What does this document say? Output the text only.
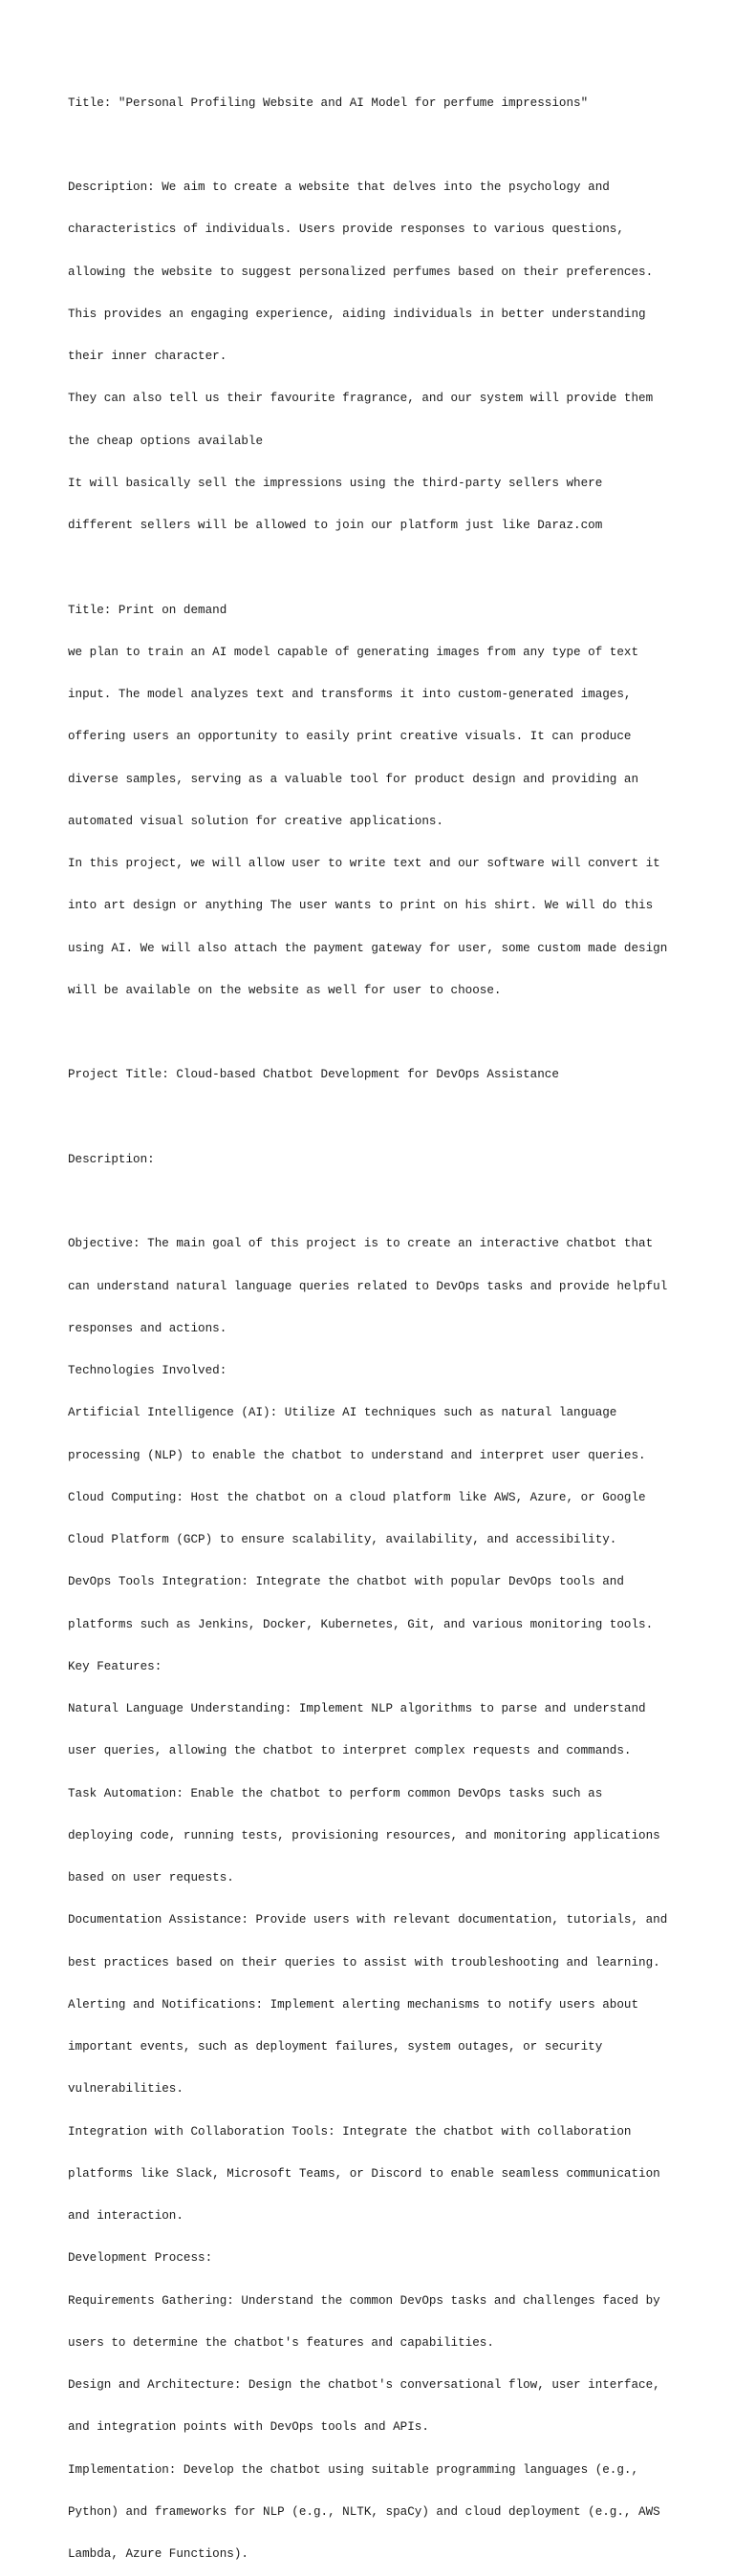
Title: "Personal Profiling Website and AI Model for perfume impressions"

Description: We aim to create a website that delves into the psychology and

characteristics of individuals. Users provide responses to various questions,

allowing the website to suggest personalized perfumes based on their preferences.

This provides an engaging experience, aiding individuals in better understanding

their inner character.

They can also tell us their favourite fragrance, and our system will provide them

the cheap options available

It will basically sell the impressions using the third-party sellers where

different sellers will be allowed to join our platform just like Daraz.com

Title: Print on demand

we plan to train an AI model capable of generating images from any type of text

input. The model analyzes text and transforms it into custom-generated images,

offering users an opportunity to easily print creative visuals. It can produce

diverse samples, serving as a valuable tool for product design and providing an

automated visual solution for creative applications.

In this project, we will allow user to write text and our software will convert it

into art design or anything The user wants to print on his shirt. We will do this

using AI. We will also attach the payment gateway for user, some custom made design

will be available on the website as well for user to choose.

Project Title: Cloud-based Chatbot Development for DevOps Assistance

Description:

Objective: The main goal of this project is to create an interactive chatbot that

can understand natural language queries related to DevOps tasks and provide helpful

responses and actions.

Technologies Involved:

Artificial Intelligence (AI): Utilize AI techniques such as natural language

processing (NLP) to enable the chatbot to understand and interpret user queries.

Cloud Computing: Host the chatbot on a cloud platform like AWS, Azure, or Google

Cloud Platform (GCP) to ensure scalability, availability, and accessibility.

DevOps Tools Integration: Integrate the chatbot with popular DevOps tools and

platforms such as Jenkins, Docker, Kubernetes, Git, and various monitoring tools.

Key Features:

Natural Language Understanding: Implement NLP algorithms to parse and understand

user queries, allowing the chatbot to interpret complex requests and commands.

Task Automation: Enable the chatbot to perform common DevOps tasks such as

deploying code, running tests, provisioning resources, and monitoring applications

based on user requests.

Documentation Assistance: Provide users with relevant documentation, tutorials, and

best practices based on their queries to assist with troubleshooting and learning.

Alerting and Notifications: Implement alerting mechanisms to notify users about

important events, such as deployment failures, system outages, or security

vulnerabilities.

Integration with Collaboration Tools: Integrate the chatbot with collaboration

platforms like Slack, Microsoft Teams, or Discord to enable seamless communication

and interaction.

Development Process:

Requirements Gathering: Understand the common DevOps tasks and challenges faced by

users to determine the chatbot's features and capabilities.

Design and Architecture: Design the chatbot's conversational flow, user interface,

and integration points with DevOps tools and APIs.

Implementation: Develop the chatbot using suitable programming languages (e.g.,

Python) and frameworks for NLP (e.g., NLTK, spaCy) and cloud deployment (e.g., AWS

Lambda, Azure Functions).
